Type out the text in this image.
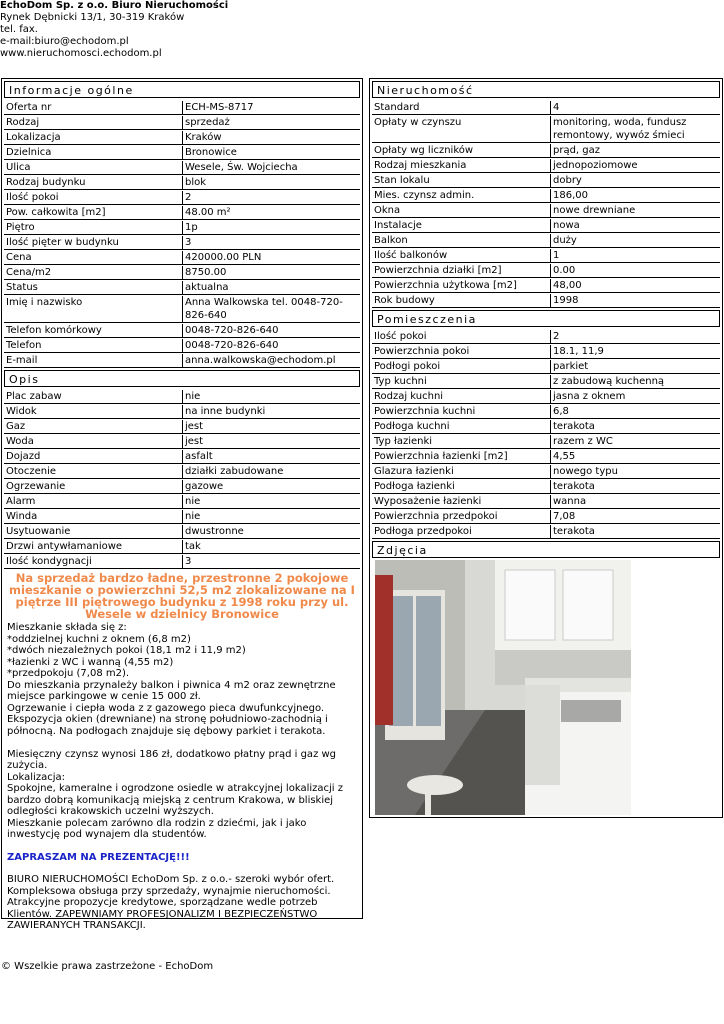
EchoDom Sp. z o.o. Biuro Nieruchomości
Rynek Dębnicki 13/1, 30-319 Kraków
tel. fax.
e-mail:biuro@echodom.pl
www.nieruchomosci.echodom.pl
Informacje ogólne
Oferta nr	ECH-MS-8717
Rodzaj	sprzedaż
Lokalizacja	Kraków
Dzielnica	Bronowice
Ulica	Wesele, Św. Wojciecha
Rodzaj budynku	blok
Ilość pokoi	2
Pow. całkowita [m2]	48.00 m²
Piętro	1p
Ilość pięter w budynku	3
Cena	420000.00 PLN
Cena/m2	8750.00
Status	aktualna
Imię i nazwisko	Anna Walkowska tel. 0048-720-826-640
Telefon komórkowy	0048-720-826-640
Telefon	0048-720-826-640
E-mail	anna.walkowska@echodom.pl
Opis
Plac zabaw	nie
Widok	na inne budynki
Gaz	jest
Woda	jest
Dojazd	asfalt
Otoczenie	działki zabudowane
Ogrzewanie	gazowe
Alarm	nie
Winda	nie
Usytuowanie	dwustronne
Drzwi antywłamaniowe	tak
Ilość kondygnacji	3
Na sprzedaż bardzo ładne, przestronne 2 pokojowe mieszkanie o powierzchni 52,5 m2 zlokalizowane na I piętrze III piętrowego budynku z 1998 roku przy ul. Wesele w dzielnicy Bronowice

Mieszkanie składa się z:
*oddzielnej kuchni z oknem (6,8 m2)
*dwóch niezależnych pokoi (18,1 m2 i 11,9 m2)
*łazienki z WC i wanną (4,55 m2)
*przedpokoju (7,08 m2).
Do mieszkania przynależy balkon i piwnica 4 m2 oraz zewnętrzne miejsce parkingowe w cenie 15 000 zł.
Ogrzewanie i ciepła woda z z gazowego pieca dwufunkcyjnego.
Ekspozycja okien (drewniane) na stronę południowo-zachodnią i północną. Na podłogach znajduje się dębowy parkiet i terakota.

Miesięczny czynsz wynosi 186 zł, dodatkowo płatny prąd i gaz wg zużycia.
Lokalizacja:
Spokojne, kameralne i ogrodzone osiedle w atrakcyjnej lokalizacji z bardzo dobrą komunikacją miejską z centrum Krakowa, w bliskiej odległości krakowskich uczelni wyższych.
Mieszkanie polecam zarówno dla rodzin z dziećmi, jak i jako inwestycję pod wynajem dla studentów.

ZAPRASZAM NA PREZENTACJĘ!!!

BIURO NIERUCHOMOŚCI EchoDom Sp. z o.o.- szeroki wybór ofert. Kompleksowa obsługa przy sprzedaży, wynajmie nieruchomości. Atrakcyjne propozycje kredytowe, sporządzane wedle potrzeb Klientów. ZAPEWNIAMY PROFESJONALIZM I BEZPIECZEŃSTWO ZAWIERANYCH TRANSAKCJI.

Nieruchomość
Standard	4
Opłaty w czynszu	monitoring, woda, fundusz remontowy, wywóz śmieci
Opłaty wg liczników	prąd, gaz
Rodzaj mieszkania	jednopoziomowe
Stan lokalu	dobry
Mies. czynsz admin.	186,00
Okna	nowe drewniane
Instalacje	nowa
Balkon	duży
Ilość balkonów	1
Powierzchnia działki [m2]	0.00
Powierzchnia użytkowa [m2]	48,00
Rok budowy	1998
Pomieszczenia
Ilość pokoi	2
Powierzchnia pokoi	18.1, 11,9
Podłogi pokoi	parkiet
Typ kuchni	z zabudową kuchenną
Rodzaj kuchni	jasna z oknem
Powierzchnia kuchni	6,8
Podłoga kuchni	terakota
Typ łazienki	razem z WC
Powierzchnia łazienki [m2]	4,55
Glazura łazienki	nowego typu
Podłoga łazienki	terakota
Wyposażenie łazienki	wanna
Powierzchnia przedpokoi	7,08
Podłoga przedpokoi	terakota
Zdjęcia
© Wszelkie prawa zastrzeżone - EchoDom
